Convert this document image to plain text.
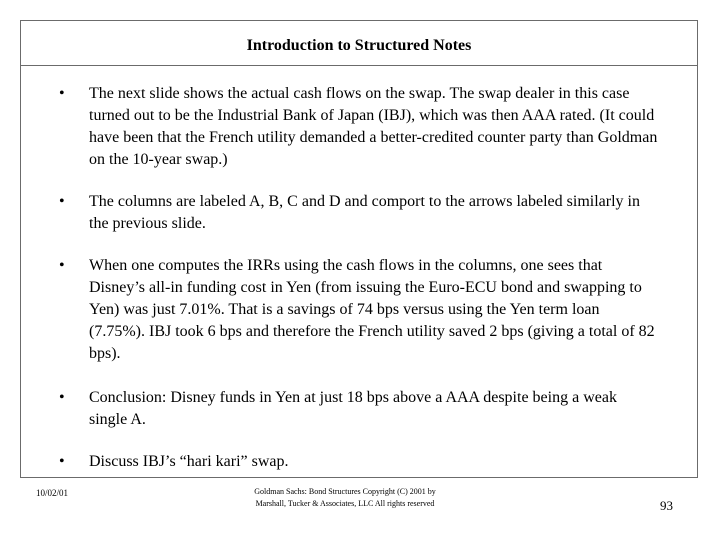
Introduction to Structured Notes
• The next slide shows the actual cash flows on the swap. The swap dealer in this case turned out to be the Industrial Bank of Japan (IBJ), which was then AAA rated. (It could have been that the French utility demanded a better-credited counter party than Goldman on the 10-year swap.)
• The columns are labeled A, B, C and D and comport to the arrows labeled similarly in the previous slide.
• When one computes the IRRs using the cash flows in the columns, one sees that Disney’s all-in funding cost in Yen (from issuing the Euro-ECU bond and swapping to Yen) was just 7.01%. That is a savings of 74 bps versus using the Yen term loan (7.75%). IBJ took 6 bps and therefore the French utility saved 2 bps (giving a total of 82 bps).
• Conclusion: Disney funds in Yen at just 18 bps above a AAA despite being a weak single A.
• Discuss IBJ’s “hari kari” swap.
10/02/01	Goldman Sachs: Bond Structures Copyright (C) 2001 by Marshall, Tucker & Associates, LLC All rights reserved	93
